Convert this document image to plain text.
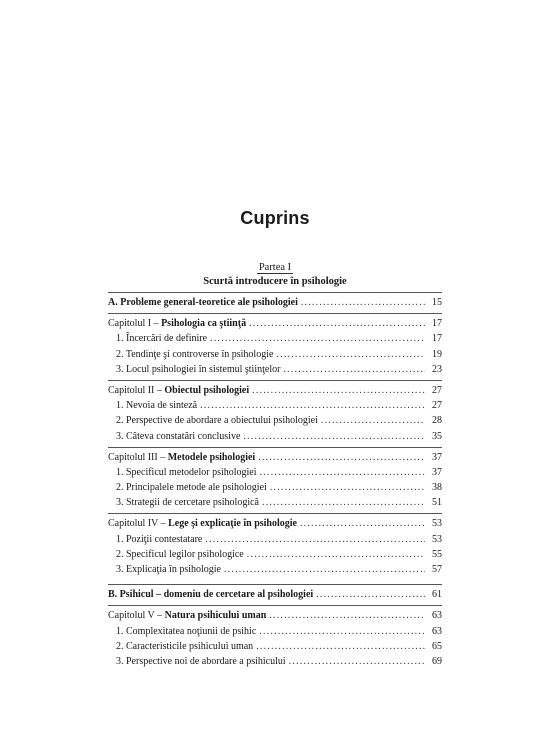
Cuprins
Partea I
Scurtă introducere în psihologie
A. Probleme general-teoretice ale psihologiei .....	15
Capitolul I – Psihologia ca ştiinţă .....	17
1. Încercări de definire .....	17
2. Tendinţe şi controverse în psihologie .....	19
3. Locul psihologiei în sistemul ştiinţelor .....	23
Capitolul II – Obiectul psihologiei .....	27
1. Nevoia de sinteză .....	27
2. Perspective de abordare a obiectului psihologiei .....	28
3. Câteva constatări conclusive .....	35
Capitolul III – Metodele psihologiei .....	37
1. Specificul metodelor psihologiei .....	37
2. Principalele metode ale psihologiei .....	38
3. Strategii de cercetare psihologică .....	51
Capitolul IV – Lege şi explicaţie în psihologie .....	53
1. Poziţii contestatare .....	53
2. Specificul legilor psihologice .....	55
3. Explicaţia în psihologie .....	57
B. Psihicul – domeniu de cercetare al psihologiei .....	61
Capitolul V – Natura psihicului uman .....	63
1. Complexitatea noţiunii de psihic .....	63
2. Caracteristicile psihicului uman .....	65
3. Perspective noi de abordare a psihicului .....	69
